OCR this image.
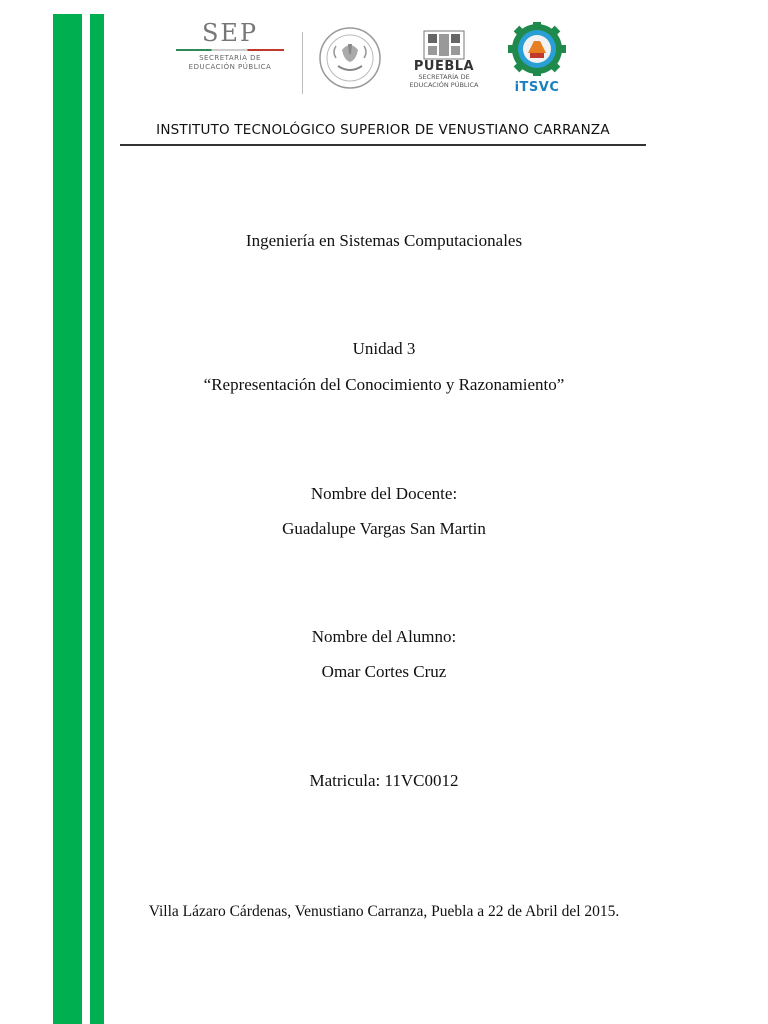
SEP
SECRETARÍA DE
EDUCACIÓN PÚBLICA	PUEBLA
SECRETARÍA DE
EDUCACIÓN PÚBLICA	iTSVC
INSTITUTO TECNOLÓGICO SUPERIOR DE VENUSTIANO CARRANZA
Ingeniería en Sistemas Computacionales
Unidad 3
“Representación del Conocimiento y Razonamiento”
Nombre del Docente:
Guadalupe Vargas San Martin
Nombre del Alumno:
Omar Cortes Cruz
Matricula: 11VC0012
Villa Lázaro Cárdenas, Venustiano Carranza, Puebla a 22 de Abril del 2015.
